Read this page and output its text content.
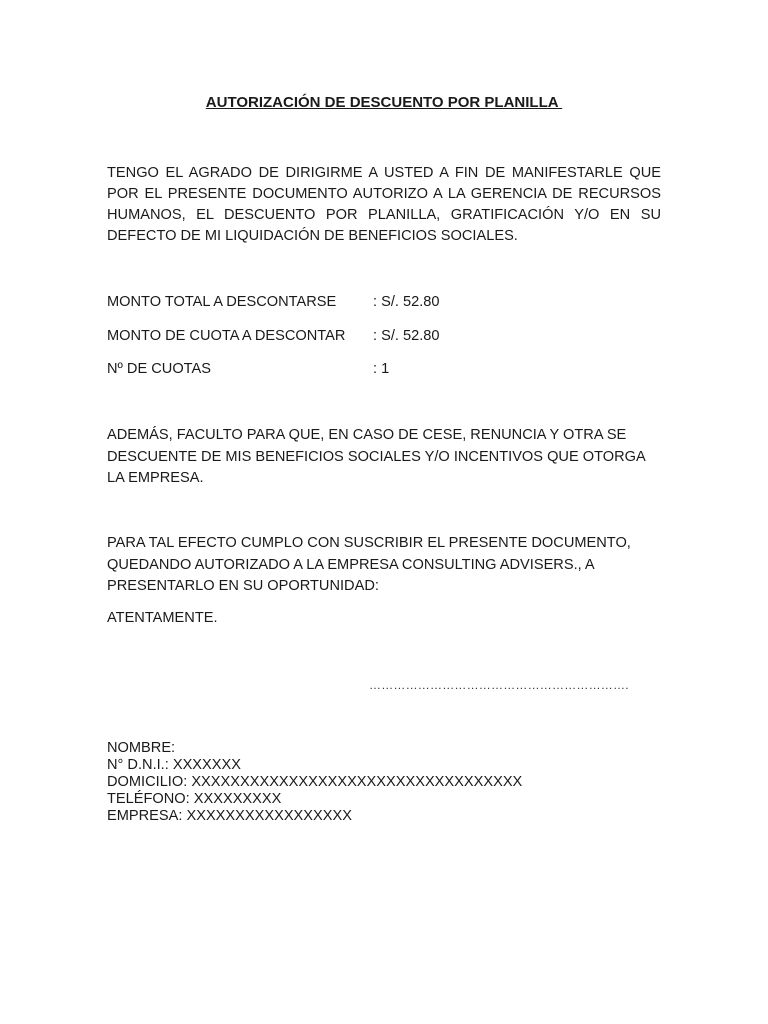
AUTORIZACIÓN DE DESCUENTO POR PLANILLA
TENGO EL AGRADO DE DIRIGIRME A USTED A FIN DE MANIFESTARLE QUE POR EL PRESENTE DOCUMENTO AUTORIZO A LA GERENCIA DE RECURSOS HUMANOS, EL DESCUENTO POR PLANILLA, GRATIFICACIÓN Y/O EN SU DEFECTO DE MI LIQUIDACIÓN DE BENEFICIOS SOCIALES.
MONTO TOTAL A DESCONTARSE	: S/. 52.80
MONTO DE CUOTA A DESCONTAR : S/. 52.80
Nº DE CUOTAS	: 1
ADEMÁS, FACULTO PARA QUE, EN CASO DE CESE, RENUNCIA Y OTRA SE DESCUENTE DE MIS BENEFICIOS SOCIALES Y/O INCENTIVOS QUE OTORGA LA EMPRESA.
PARA TAL EFECTO CUMPLO CON SUSCRIBIR EL PRESENTE DOCUMENTO, QUEDANDO AUTORIZADO A LA EMPRESA CONSULTING ADVISERS., A PRESENTARLO EN SU OPORTUNIDAD:
ATENTAMENTE.
……………………………………………………….
NOMBRE:
N° D.N.I.: XXXXXXX
DOMICILIO: XXXXXXXXXXXXXXXXXXXXXXXXXXXXXXXXXX
TELÉFONO: XXXXXXXXX
EMPRESA: XXXXXXXXXXXXXXXXX
